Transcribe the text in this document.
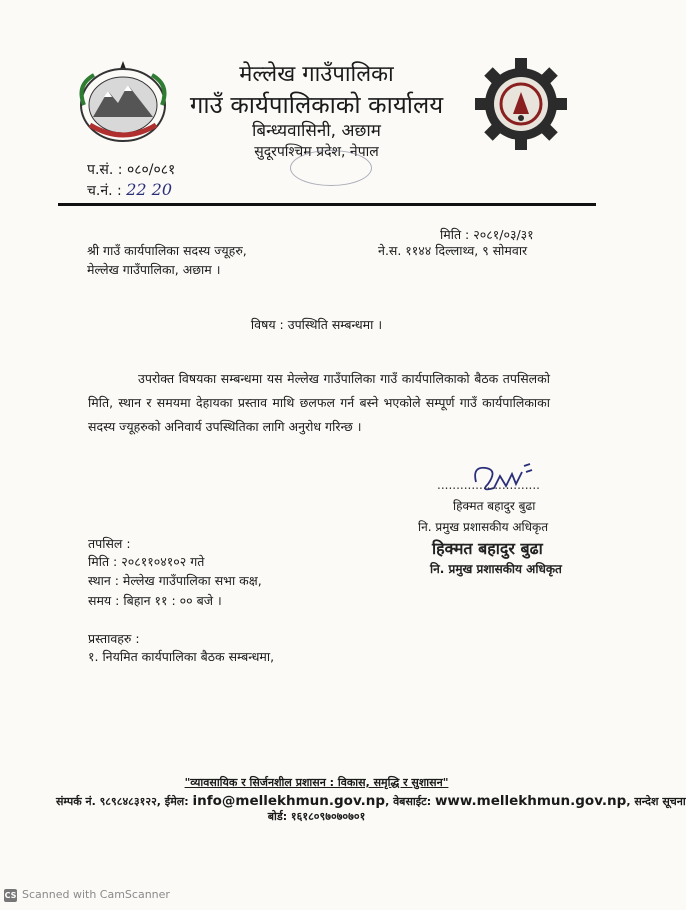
मेल्लेख गाउँपालिका
गाउँ कार्यपालिकाको कार्यालय
बिन्ध्यवासिनी, अछाम
सुदूरपश्चिम प्रदेश, नेपाल
प.सं. : ०८०/०८१
च.नं. : 22 20
मिति : २०८१/०३/३१
ने.स. ११४४ दिल्लाथ्व, ९ सोमवार
श्री गाउँ कार्यपालिका सदस्य ज्यूहरु,
मेल्लेख गाउँपालिका, अछाम ।
विषय : उपस्थिति सम्बन्धमा ।
उपरोक्त विषयका सम्बन्धमा यस मेल्लेख गाउँपालिका गाउँ कार्यपालिकाको बैठक तपसिलको मिति, स्थान र समयमा देहायका प्रस्ताव माथि छलफल गर्न बस्ने भएकोले सम्पूर्ण गाउँ कार्यपालिकाका सदस्य ज्यूहरुको अनिवार्य उपस्थितिका लागि अनुरोध गरिन्छ ।
...........................
हिक्मत बहादुर बुढा
नि. प्रमुख प्रशासकीय अधिकृत
हिक्मत बहादुर बुढा
नि. प्रमुख प्रशासकीय अधिकृत
तपसिल :
मिति : २०८११०४१०२ गते
स्थान : मेल्लेख गाउँपालिका सभा कक्ष,
समय : बिहान ११ : ०० बजे ।
प्रस्तावहरु :
१. नियमित कार्यपालिका बैठक सम्बन्धमा,
"व्यावसायिक र सिर्जनशील प्रशासन : विकास, समृद्धि र सुशासन"
संम्पर्क नं. ९८९८४८३१२२, ईमेल: info@mellekhmun.gov.np, वेबसाईट: www.mellekhmun.gov.np, सन्देश सूचना
बोर्ड: १६१८०९७०७०७०१
CS Scanned with CamScanner
